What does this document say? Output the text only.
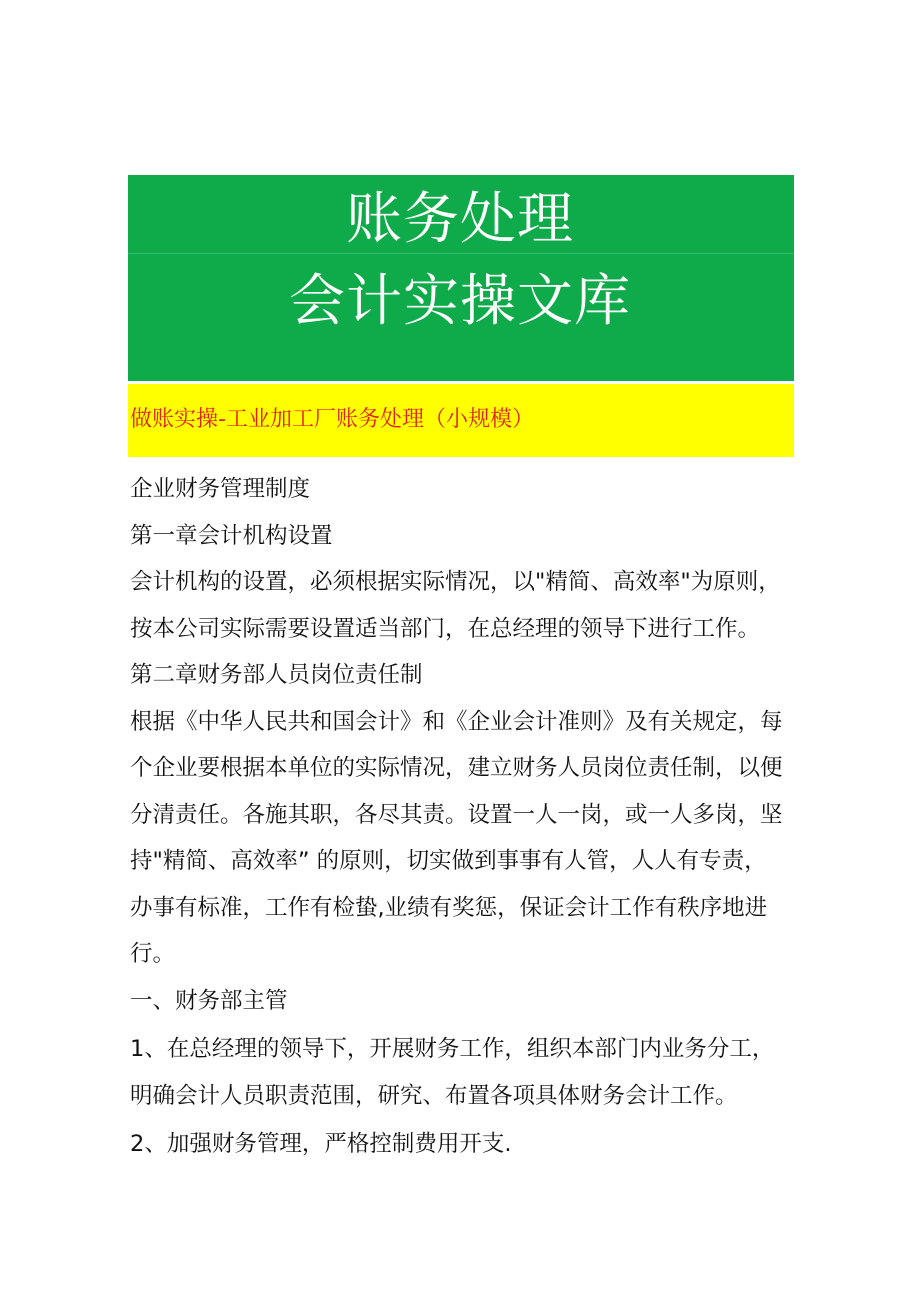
账务处理
会计实操文库
做账实操-工业加工厂账务处理（小规模）
企业财务管理制度
第一章会计机构设置
会计机构的设置，必须根据实际情况，以"精简、高效率"为原则，
按本公司实际需要设置适当部门，在总经理的领导下进行工作。
第二章财务部人员岗位责任制
根据《中华人民共和国会计》和《企业会计准则》及有关规定，每
个企业要根据本单位的实际情况，建立财务人员岗位责任制，以便
分清责任。各施其职，各尽其责。设置一人一岗，或一人多岗，坚
持"精简、高效率” 的原则，切实做到事事有人管，人人有专责，
办事有标准，工作有检蛰,业绩有奖惩，保证会计工作有秩序地进
行。
一、财务部主管
1、在总经理的领导下，开展财务工作，组织本部门内业务分工，
明确会计人员职责范围，研究、布置各项具体财务会计工作。
2、加强财务管理，严格控制费用开支.
